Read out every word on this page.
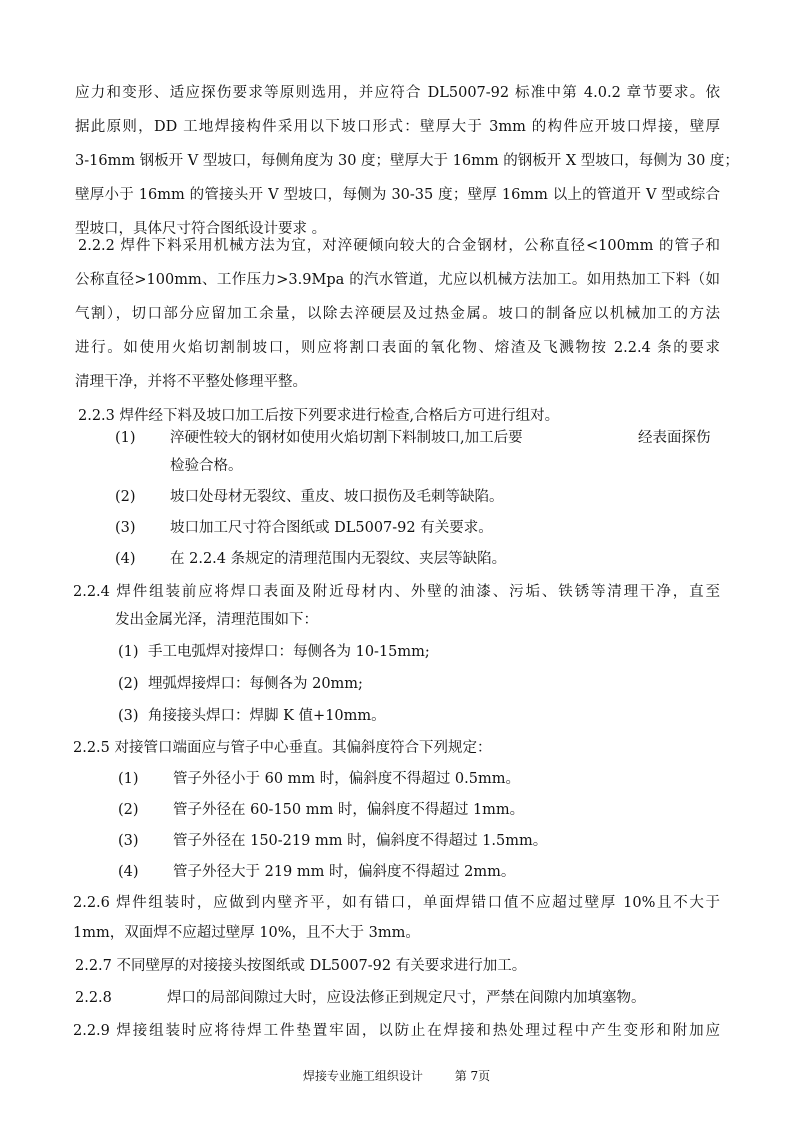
应力和变形、适应探伤要求等原则选用，并应符合 DL5007-92 标准中第 4.0.2 章节要求。依
据此原则，DD 工地焊接构件采用以下坡口形式：壁厚大于 3mm 的构件应开坡口焊接，壁厚
3-16mm 钢板开 V 型坡口，每侧角度为 30 度；壁厚大于 16mm 的钢板开 X 型坡口，每侧为 30 度；
壁厚小于 16mm 的管接头开 V 型坡口，每侧为 30-35 度；壁厚 16mm 以上的管道开 V 型或综合
型坡口，具体尺寸符合图纸设计要求 。
2.2.2 焊件下料采用机械方法为宜，对淬硬倾向较大的合金钢材，公称直径<100mm 的管子和
公称直径>100mm、工作压力>3.9Mpa 的汽水管道，尤应以机械方法加工。如用热加工下料（如
气割），切口部分应留加工余量，以除去淬硬层及过热金属。坡口的制备应以机械加工的方法
进行。如使用火焰切割制坡口，则应将割口表面的氧化物、熔渣及飞溅物按 2.2.4 条的要求
清理干净，并将不平整处修理平整。
2.2.3 焊件经下料及坡口加工后按下列要求进行检查,合格后方可进行组对。
(1) 淬硬性较大的钢材如使用火焰切割下料制坡口,加工后要	经表面探伤
检验合格。
(2) 坡口处母材无裂纹、重皮、坡口损伤及毛刺等缺陷。
(3) 坡口加工尺寸符合图纸或 DL5007-92 有关要求。
(4) 在 2.2.4 条规定的清理范围内无裂纹、夹层等缺陷。
2.2.4 焊件组装前应将焊口表面及附近母材内、外壁的油漆、污垢、铁锈等清理干净，直至
发出金属光泽，清理范围如下：
(1) 手工电弧焊对接焊口：每侧各为 10-15mm;
(2) 埋弧焊接焊口：每侧各为 20mm;
(3) 角接接头焊口：焊脚 K 值+10mm。
2.2.5 对接管口端面应与管子中心垂直。其偏斜度符合下列规定：
(1) 管子外径小于 60 mm 时，偏斜度不得超过 0.5mm。
(2) 管子外径在 60-150 mm 时，偏斜度不得超过 1mm。
(3) 管子外径在 150-219 mm 时，偏斜度不得超过 1.5mm。
(4) 管子外径大于 219 mm 时，偏斜度不得超过 2mm。
2.2.6 焊件组装时，应做到内壁齐平，如有错口，单面焊错口值不应超过壁厚 10%且不大于
1mm，双面焊不应超过壁厚 10%，且不大于 3mm。
2.2.7 不同壁厚的对接接头按图纸或 DL5007-92 有关要求进行加工。
2.2.8	焊口的局部间隙过大时，应设法修正到规定尺寸，严禁在间隙内加填塞物。
2.2.9 焊接组装时应将待焊工件垫置牢固，以防止在焊接和热处理过程中产生变形和附加应
焊接专业施工组织设计	第 7页
